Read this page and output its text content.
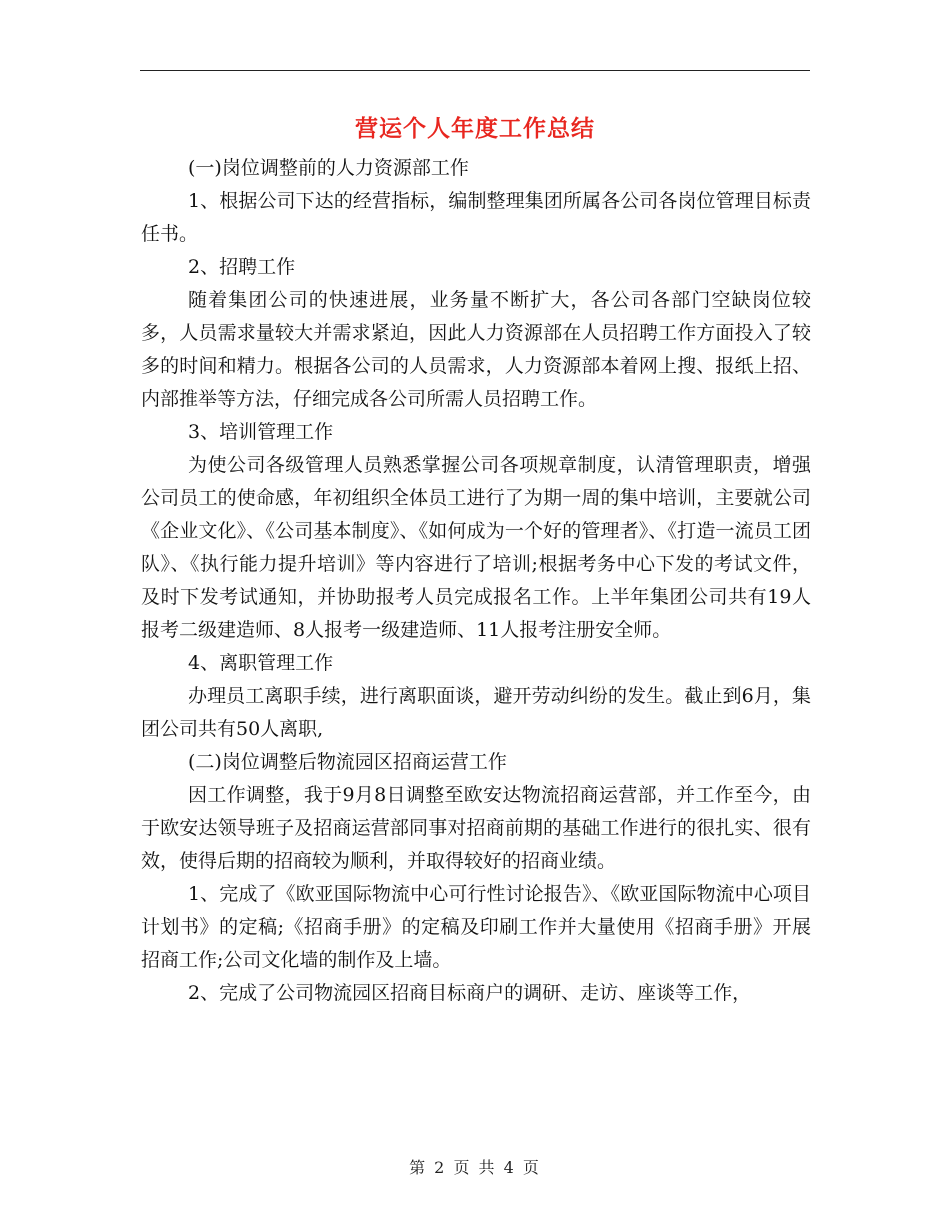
营运个人年度工作总结

(一)岗位调整前的人力资源部工作

1、根据公司下达的经营指标，编制整理集团所属各公司各岗位管理目标责任书。

2、招聘工作

随着集团公司的快速进展，业务量不断扩大，各公司各部门空缺岗位较多，人员需求量较大并需求紧迫，因此人力资源部在人员招聘工作方面投入了较多的时间和精力。根据各公司的人员需求，人力资源部本着网上搜、报纸上招、内部推举等方法，仔细完成各公司所需人员招聘工作。

3、培训管理工作

为使公司各级管理人员熟悉掌握公司各项规章制度，认清管理职责，增强公司员工的使命感，年初组织全体员工进行了为期一周的集中培训，主要就公司《企业文化》、《公司基本制度》、《如何成为一个好的管理者》、《打造一流员工团队》、《执行能力提升培训》等内容进行了培训;根据考务中心下发的考试文件，及时下发考试通知，并协助报考人员完成报名工作。上半年集团公司共有19人报考二级建造师、8人报考一级建造师、11人报考注册安全师。

4、离职管理工作

办理员工离职手续，进行离职面谈，避开劳动纠纷的发生。截止到6月，集团公司共有50人离职,

(二)岗位调整后物流园区招商运营工作

因工作调整，我于9月8日调整至欧安达物流招商运营部，并工作至今，由于欧安达领导班子及招商运营部同事对招商前期的基础工作进行的很扎实、很有效，使得后期的招商较为顺利，并取得较好的招商业绩。

1、完成了《欧亚国际物流中心可行性讨论报告》、《欧亚国际物流中心项目计划书》的定稿;《招商手册》的定稿及印刷工作并大量使用《招商手册》开展招商工作;公司文化墙的制作及上墙。

2、完成了公司物流园区招商目标商户的调研、走访、座谈等工作，

第 2 页 共 4 页
